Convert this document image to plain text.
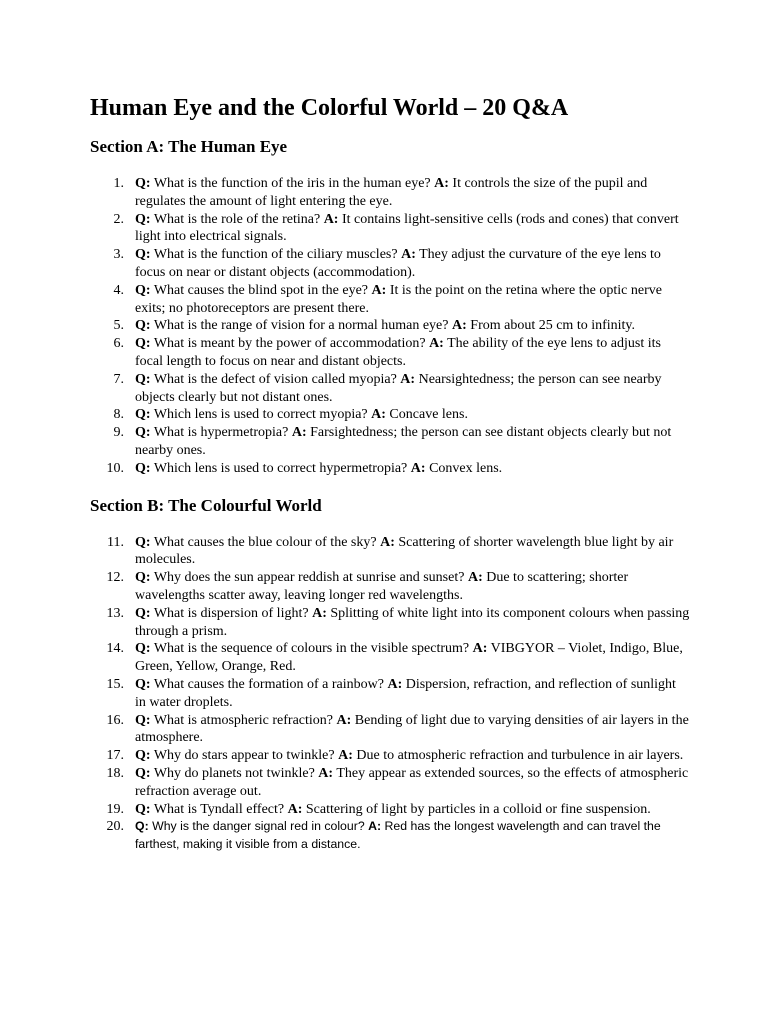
Human Eye and the Colorful World – 20 Q&A
Section A: The Human Eye
1. Q: What is the function of the iris in the human eye? A: It controls the size of the pupil and regulates the amount of light entering the eye.
2. Q: What is the role of the retina? A: It contains light-sensitive cells (rods and cones) that convert light into electrical signals.
3. Q: What is the function of the ciliary muscles? A: They adjust the curvature of the eye lens to focus on near or distant objects (accommodation).
4. Q: What causes the blind spot in the eye? A: It is the point on the retina where the optic nerve exits; no photoreceptors are present there.
5. Q: What is the range of vision for a normal human eye? A: From about 25 cm to infinity.
6. Q: What is meant by the power of accommodation? A: The ability of the eye lens to adjust its focal length to focus on near and distant objects.
7. Q: What is the defect of vision called myopia? A: Nearsightedness; the person can see nearby objects clearly but not distant ones.
8. Q: Which lens is used to correct myopia? A: Concave lens.
9. Q: What is hypermetropia? A: Farsightedness; the person can see distant objects clearly but not nearby ones.
10. Q: Which lens is used to correct hypermetropia? A: Convex lens.
Section B: The Colourful World
11. Q: What causes the blue colour of the sky? A: Scattering of shorter wavelength blue light by air molecules.
12. Q: Why does the sun appear reddish at sunrise and sunset? A: Due to scattering; shorter wavelengths scatter away, leaving longer red wavelengths.
13. Q: What is dispersion of light? A: Splitting of white light into its component colours when passing through a prism.
14. Q: What is the sequence of colours in the visible spectrum? A: VIBGYOR – Violet, Indigo, Blue, Green, Yellow, Orange, Red.
15. Q: What causes the formation of a rainbow? A: Dispersion, refraction, and reflection of sunlight in water droplets.
16. Q: What is atmospheric refraction? A: Bending of light due to varying densities of air layers in the atmosphere.
17. Q: Why do stars appear to twinkle? A: Due to atmospheric refraction and turbulence in air layers.
18. Q: Why do planets not twinkle? A: They appear as extended sources, so the effects of atmospheric refraction average out.
19. Q: What is Tyndall effect? A: Scattering of light by particles in a colloid or fine suspension.
20. Q: Why is the danger signal red in colour? A: Red has the longest wavelength and can travel the farthest, making it visible from a distance.
